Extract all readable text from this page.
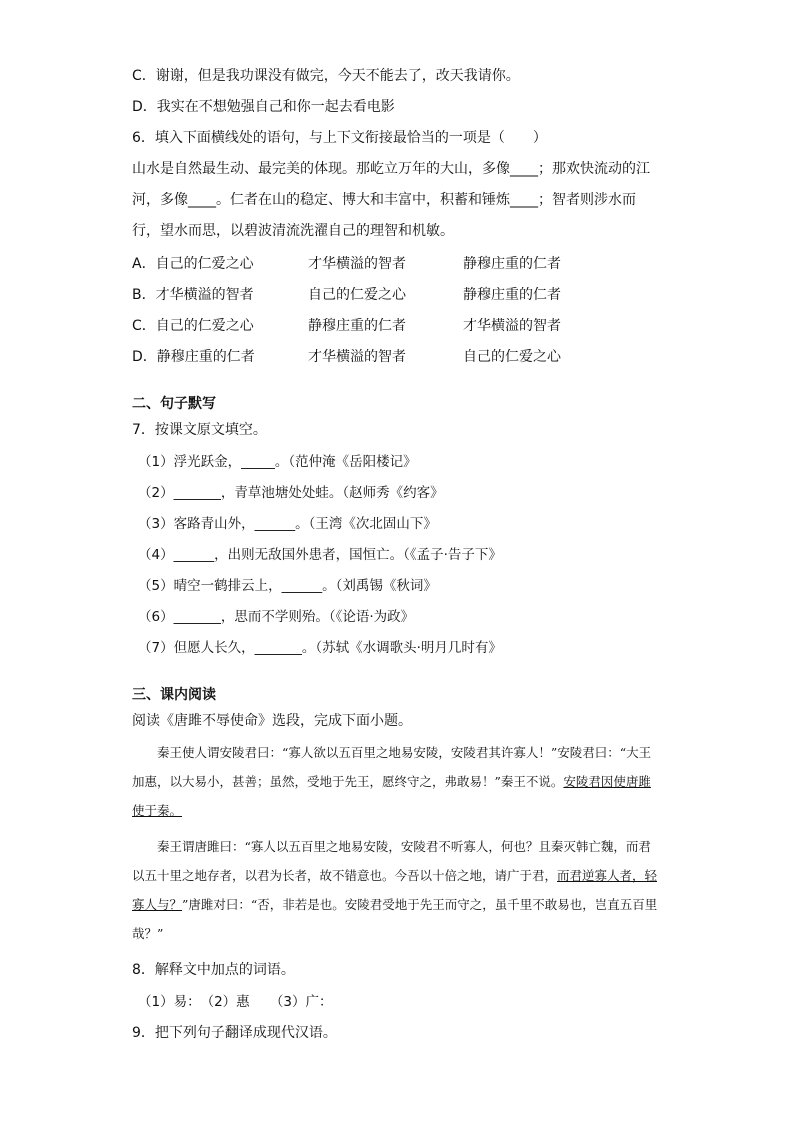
C．谢谢，但是我功课没有做完，今天不能去了，改天我请你。
D．我实在不想勉强自己和你一起去看电影
6．填入下面横线处的语句，与上下文衔接最恰当的一项是（　　）
山水是自然最生动、最完美的体现。那屹立万年的大山，多像____；那欢快流动的江河，多像____。仁者在山的稳定、博大和丰富中，积蓄和锤炼____；智者则涉水而行，望水而思，以碧波清流洗濯自己的理智和机敏。
A．自己的仁爱之心	才华横溢的智者	静穆庄重的仁者
B．才华横溢的智者	自己的仁爱之心	静穆庄重的仁者
C．自己的仁爱之心	静穆庄重的仁者	才华横溢的智者
D．静穆庄重的仁者	才华横溢的智者	自己的仁爱之心
二、句子默写
7．按课文原文填空。
（1）浮光跃金，_____。（范仲淹《岳阳楼记》
（2）_______，青草池塘处处蛙。（赵师秀《约客》
（3）客路青山外，______。（王湾《次北固山下》
（4）______，出则无敌国外患者，国恒亡。（《孟子·告子下》
（5）晴空一鹤排云上，______。（刘禹锡《秋词》
（6）_______，思而不学则殆。（《论语·为政》
（7）但愿人长久，_______。（苏轼《水调歌头·明月几时有》
三、课内阅读
阅读《唐雎不辱使命》选段，完成下面小题。

秦王使人谓安陵君曰：“寡人欲以五百里之地易安陵，安陵君其许寡人！”安陵君曰：“大王加惠，以大易小，甚善；虽然，受地于先王，愿终守之，弗敢易！”秦王不说。安陵君因使唐雎使于秦。

秦王谓唐雎曰：“寡人以五百里之地易安陵，安陵君不听寡人，何也？且秦灭韩亡魏，而君以五十里之地存者，以君为长者，故不错意也。今吾以十倍之地，请广于君，而君逆寡人者，轻寡人与？”唐雎对曰：“否，非若是也。安陵君受地于先王而守之，虽千里不敢易也，岂直五百里哉？”

8．解释文中加点的词语。
（1）易：　（2）惠　　（3）广：
9．把下列句子翻译成现代汉语。
